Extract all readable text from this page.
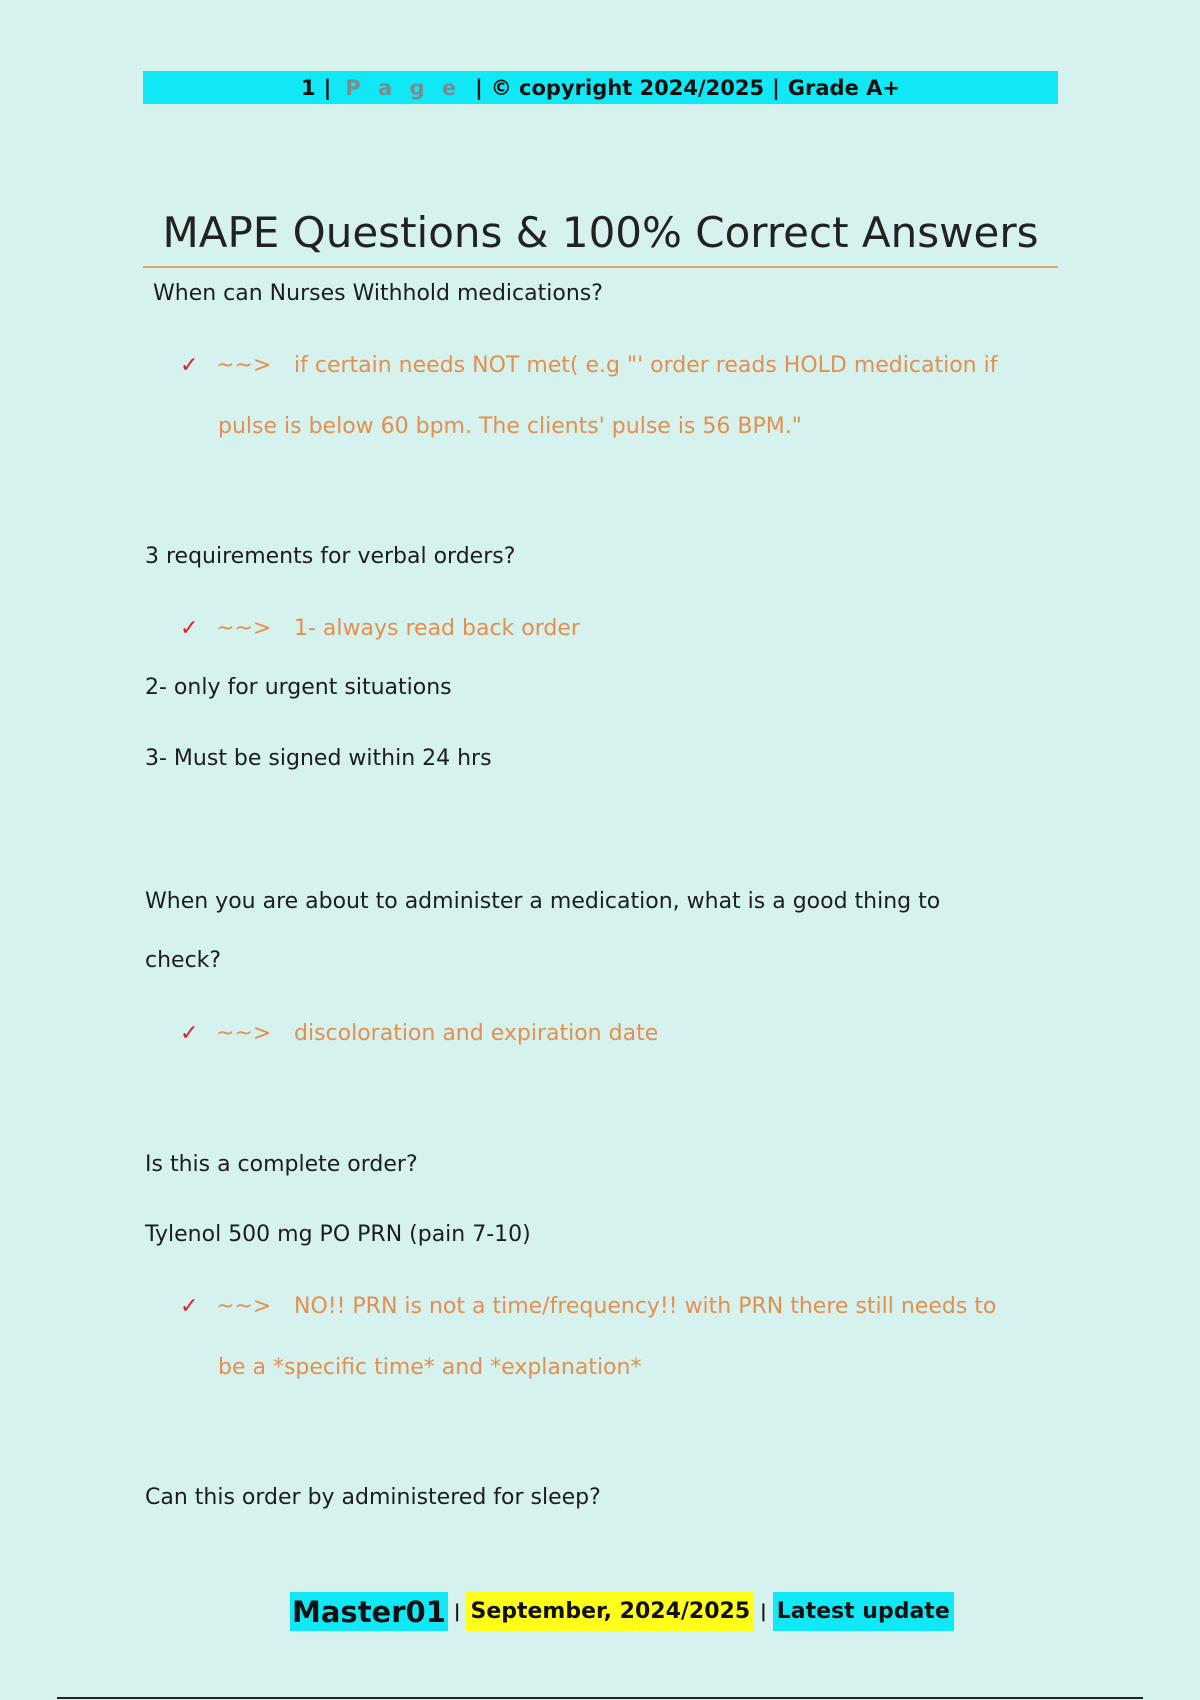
1 | P a g e | © copyright 2024/2025 | Grade A+
MAPE Questions & 100% Correct Answers

When can Nurses Withhold medications?

✓ ~~> if certain needs NOT met( e.g "' order reads HOLD medication if
pulse is below 60 bpm. The clients' pulse is 56 BPM."

3 requirements for verbal orders?

✓ ~~> 1- always read back order

2- only for urgent situations

3- Must be signed within 24 hrs

When you are about to administer a medication, what is a good thing to

check?

✓ ~~> discoloration and expiration date

Is this a complete order?

Tylenol 500 mg PO PRN (pain 7-10)

✓ ~~> NO!! PRN is not a time/frequency!! with PRN there still needs to
be a *specific time* and *explanation*

Can this order by administered for sleep?

Master01 | September, 2024/2025 | Latest update
